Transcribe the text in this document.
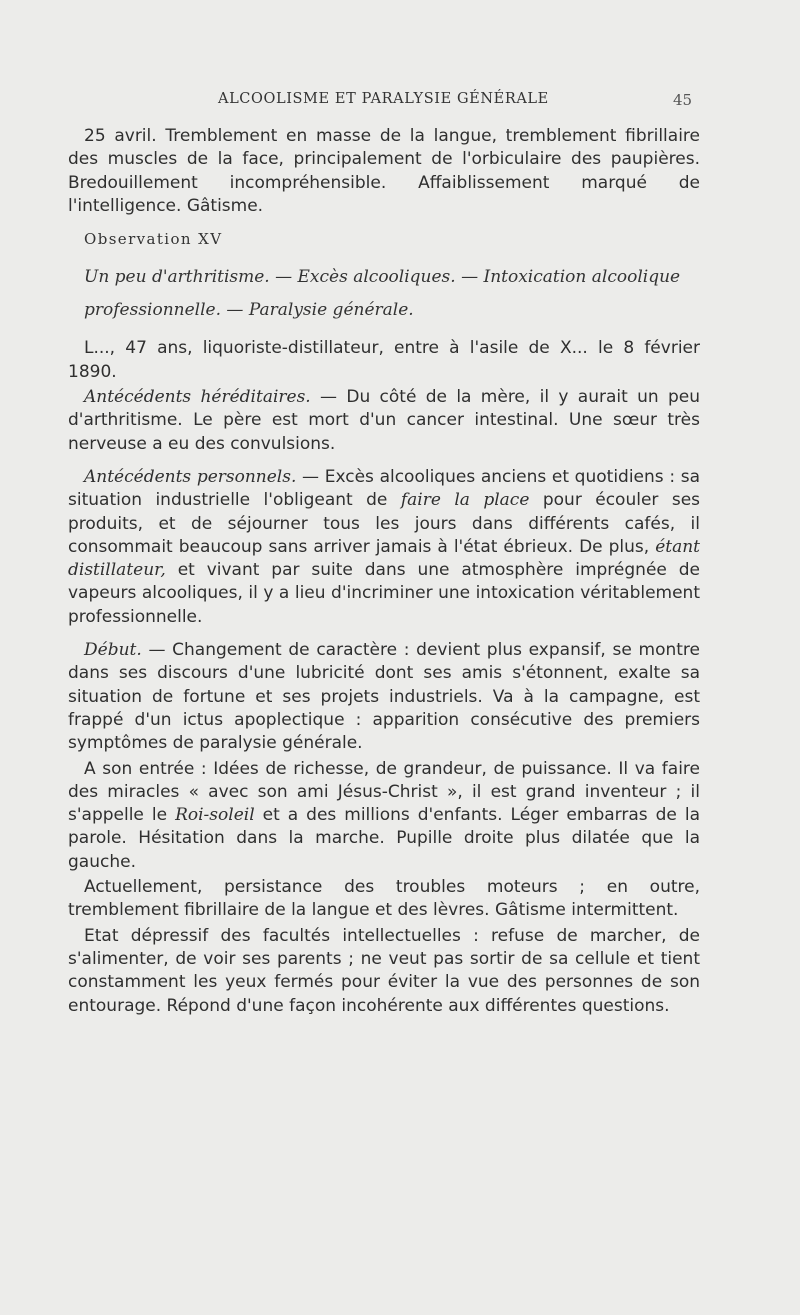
ALCOOLISME ET PARALYSIE GÉNÉRALE	45

25 avril. Tremblement en masse de la langue, tremblement fibrillaire des muscles de la face, principalement de l'orbiculaire des paupières. Bredouillement incompréhensible. Affaiblissement marqué de l'intelligence. Gâtisme.

Observation XV

Un peu d'arthritisme. — Excès alcooliques. — Intoxication alcoolique
professionnelle. — Paralysie générale.

L..., 47 ans, liquoriste-distillateur, entre à l'asile de X... le 8 février 1890.

Antécédents héréditaires. — Du côté de la mère, il y aurait un peu d'arthritisme. Le père est mort d'un cancer intestinal. Une sœur très nerveuse a eu des convulsions.

Antécédents personnels. — Excès alcooliques anciens et quotidiens : sa situation industrielle l'obligeant de faire la place pour écouler ses produits, et de séjourner tous les jours dans différents cafés, il consommait beaucoup sans arriver jamais à l'état ébrieux. De plus, étant distillateur, et vivant par suite dans une atmosphère imprégnée de vapeurs alcooliques, il y a lieu d'incriminer une intoxication véritablement professionnelle.

Début. — Changement de caractère : devient plus expansif, se montre dans ses discours d'une lubricité dont ses amis s'étonnent, exalte sa situation de fortune et ses projets industriels. Va à la campagne, est frappé d'un ictus apoplectique : apparition consécutive des premiers symptômes de paralysie générale.

A son entrée : Idées de richesse, de grandeur, de puissance. Il va faire des miracles « avec son ami Jésus-Christ », il est grand inventeur ; il s'appelle le Roi-soleil et a des millions d'enfants. Léger embarras de la parole. Hésitation dans la marche. Pupille droite plus dilatée que la gauche.

Actuellement, persistance des troubles moteurs ; en outre, tremblement fibrillaire de la langue et des lèvres. Gâtisme intermittent.

Etat dépressif des facultés intellectuelles : refuse de marcher, de s'alimenter, de voir ses parents ; ne veut pas sortir de sa cellule et tient constamment les yeux fermés pour éviter la vue des personnes de son entourage. Répond d'une façon incohérente aux différentes questions.
